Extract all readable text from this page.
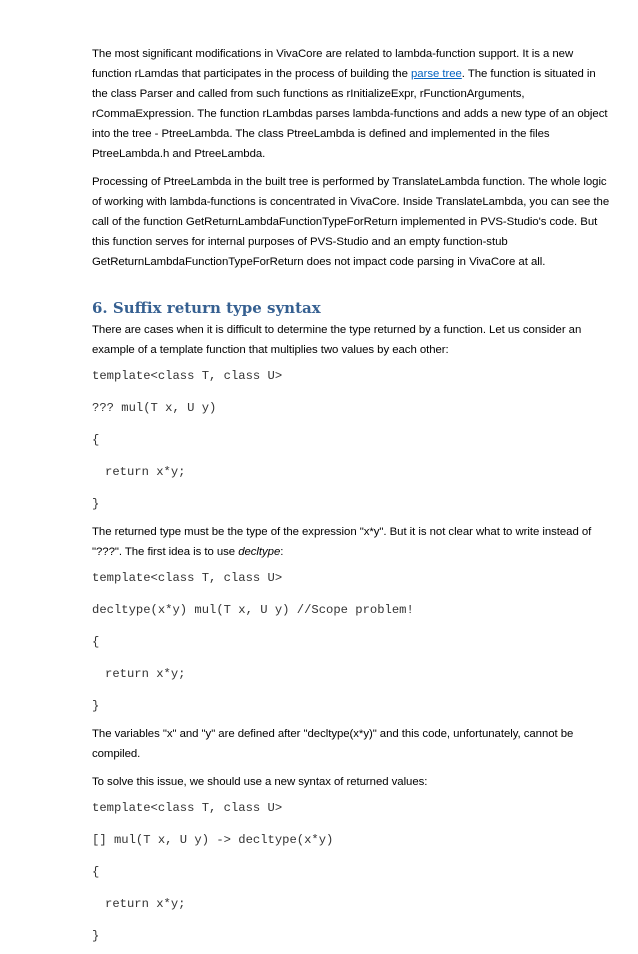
The most significant modifications in VivaCore are related to lambda-function support. It is a new
function rLamdas that participates in the process of building the parse tree. The function is situated in
the class Parser and called from such functions as rInitializeExpr, rFunctionArguments,
rCommaExpression. The function rLambdas parses lambda-functions and adds a new type of an object
into the tree - PtreeLambda. The class PtreeLambda is defined and implemented in the files
PtreeLambda.h and PtreeLambda.

Processing of PtreeLambda in the built tree is performed by TranslateLambda function. The whole logic
of working with lambda-functions is concentrated in VivaCore. Inside TranslateLambda, you can see the
call of the function GetReturnLambdaFunctionTypeForReturn implemented in PVS-Studio's code. But
this function serves for internal purposes of PVS-Studio and an empty function-stub
GetReturnLambdaFunctionTypeForReturn does not impact code parsing in VivaCore at all.

6. Suffix return type syntax

There are cases when it is difficult to determine the type returned by a function. Let us consider an
example of a template function that multiplies two values by each other:

template<class T, class U>

??? mul(T x, U y)

{

return x*y;

}

The returned type must be the type of the expression "x*y". But it is not clear what to write instead of
"???". The first idea is to use decltype:

template<class T, class U>

decltype(x*y) mul(T x, U y) //Scope problem!

{

return x*y;

}

The variables "x" and "y" are defined after "decltype(x*y)" and this code, unfortunately, cannot be
compiled.

To solve this issue, we should use a new syntax of returned values:

template<class T, class U>

[] mul(T x, U y) -> decltype(x*y)

{

return x*y;

}
